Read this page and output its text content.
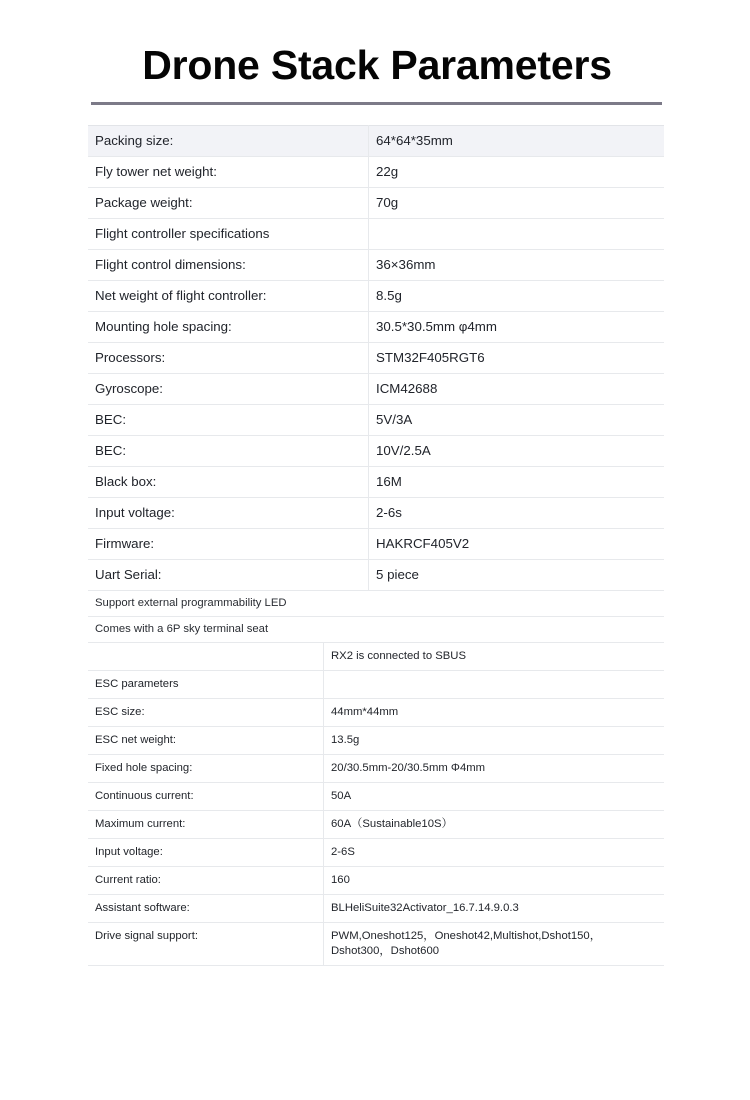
Drone Stack Parameters
Packing size:	64*64*35mm
Fly tower net weight:	22g
Package weight:	70g
Flight controller specifications	
Flight control dimensions:	36×36mm
Net weight of flight controller:	8.5g
Mounting hole spacing:	30.5*30.5mm φ4mm
Processors:	STM32F405RGT6
Gyroscope:	ICM42688
BEC:	5V/3A
BEC:	10V/2.5A
Black box:	16M
Input voltage:	2-6s
Firmware:	HAKRCF405V2
Uart Serial:	5 piece
Support external programmability LED	
Comes with a 6P sky terminal seat	
	RX2 is connected to SBUS
ESC parameters	
ESC size:	44mm*44mm
ESC net weight:	13.5g
Fixed hole spacing:	20/30.5mm-20/30.5mm Φ4mm
Continuous current:	50A
Maximum current:	60A（Sustainable10S）
Input voltage:	2-6S
Current ratio:	160
Assistant software:	BLHeliSuite32Activator_16.7.14.9.0.3
Drive signal support:	PWM,Oneshot125，Oneshot42,Multishot,Dshot150，Dshot300，Dshot600
